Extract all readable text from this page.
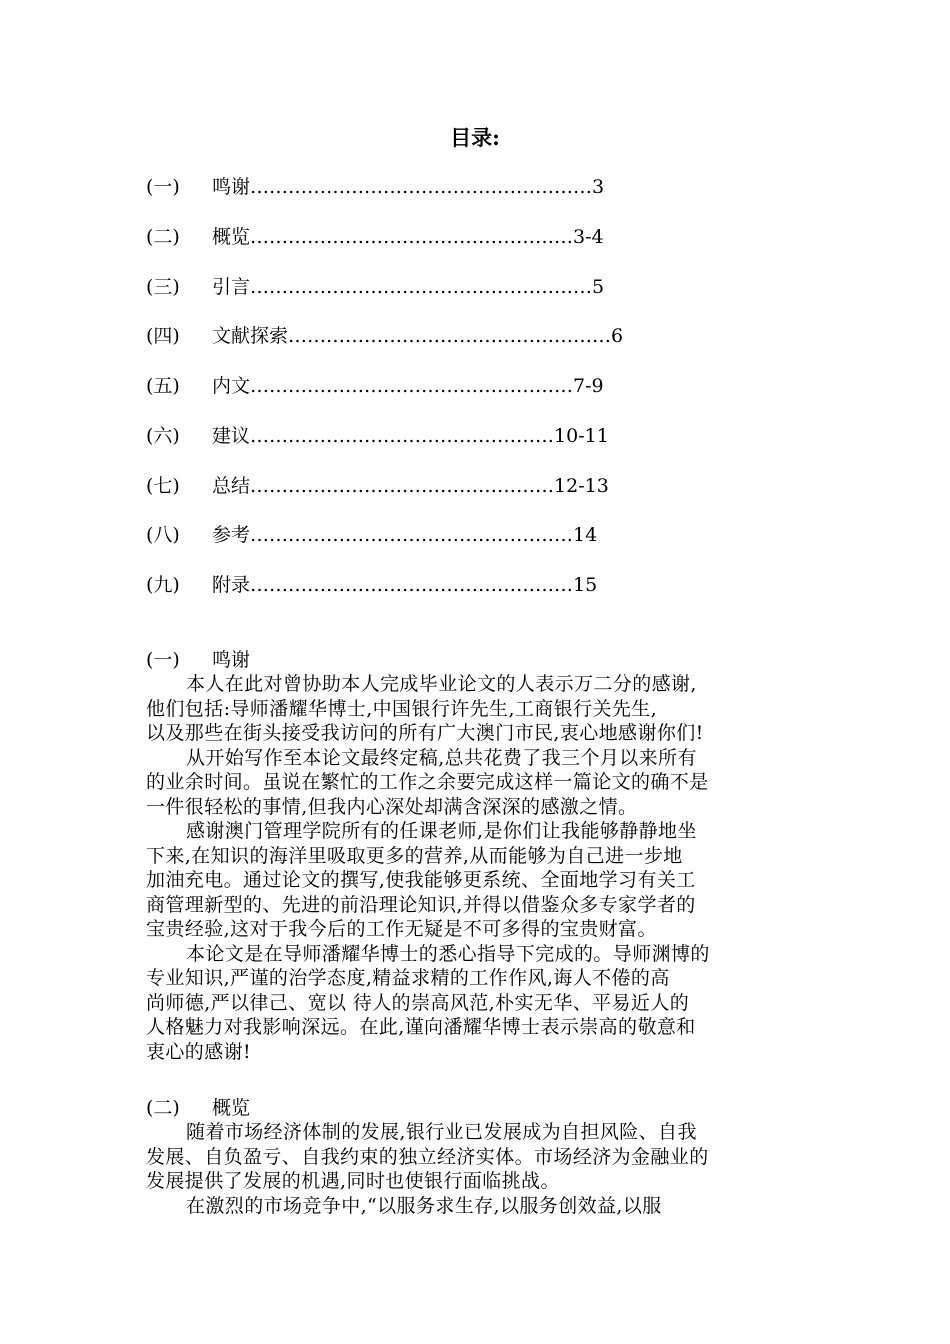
目录:
(一) 鸣谢………………………………………………3
(二) 概览……………………………………………3-4
(三) 引言………………………………………………5
(四) 文献探索……………………………………………6
(五) 内文……………………………………………7-9
(六) 建议…………………………………………10-11
(七) 总结…………………………………………12-13
(八) 参考……………………………………………14
(九) 附录……………………………………………15
(一) 鸣谢
本人在此对曾协助本人完成毕业论文的人表示万二分的感谢,
他们包括:导师潘耀华博士,中国银行许先生,工商银行关先生,
以及那些在街头接受我访问的所有广大澳门市民,衷心地感谢你们!
从开始写作至本论文最终定稿,总共花费了我三个月以来所有
的业余时间。虽说在繁忙的工作之余要完成这样一篇论文的确不是
一件很轻松的事情,但我内心深处却满含深深的感激之情。
感谢澳门管理学院所有的任课老师,是你们让我能够静静地坐
下来,在知识的海洋里吸取更多的营养,从而能够为自己进一步地
加油充电。通过论文的撰写,使我能够更系统、全面地学习有关工
商管理新型的、先进的前沿理论知识,并得以借鉴众多专家学者的
宝贵经验,这对于我今后的工作无疑是不可多得的宝贵财富。
本论文是在导师潘耀华博士的悉心指导下完成的。导师渊博的
专业知识,严谨的治学态度,精益求精的工作作风,诲人不倦的高
尚师德,严以律己、宽以 待人的崇高风范,朴实无华、平易近人的
人格魅力对我影响深远。在此,谨向潘耀华博士表示崇高的敬意和
衷心的感谢!
(二) 概览
随着市场经济体制的发展,银行业已发展成为自担风险、自我
发展、自负盈亏、自我约束的独立经济实体。市场经济为金融业的
发展提供了发展的机遇,同时也使银行面临挑战。
在激烈的市场竞争中,“以服务求生存,以服务创效益,以服
